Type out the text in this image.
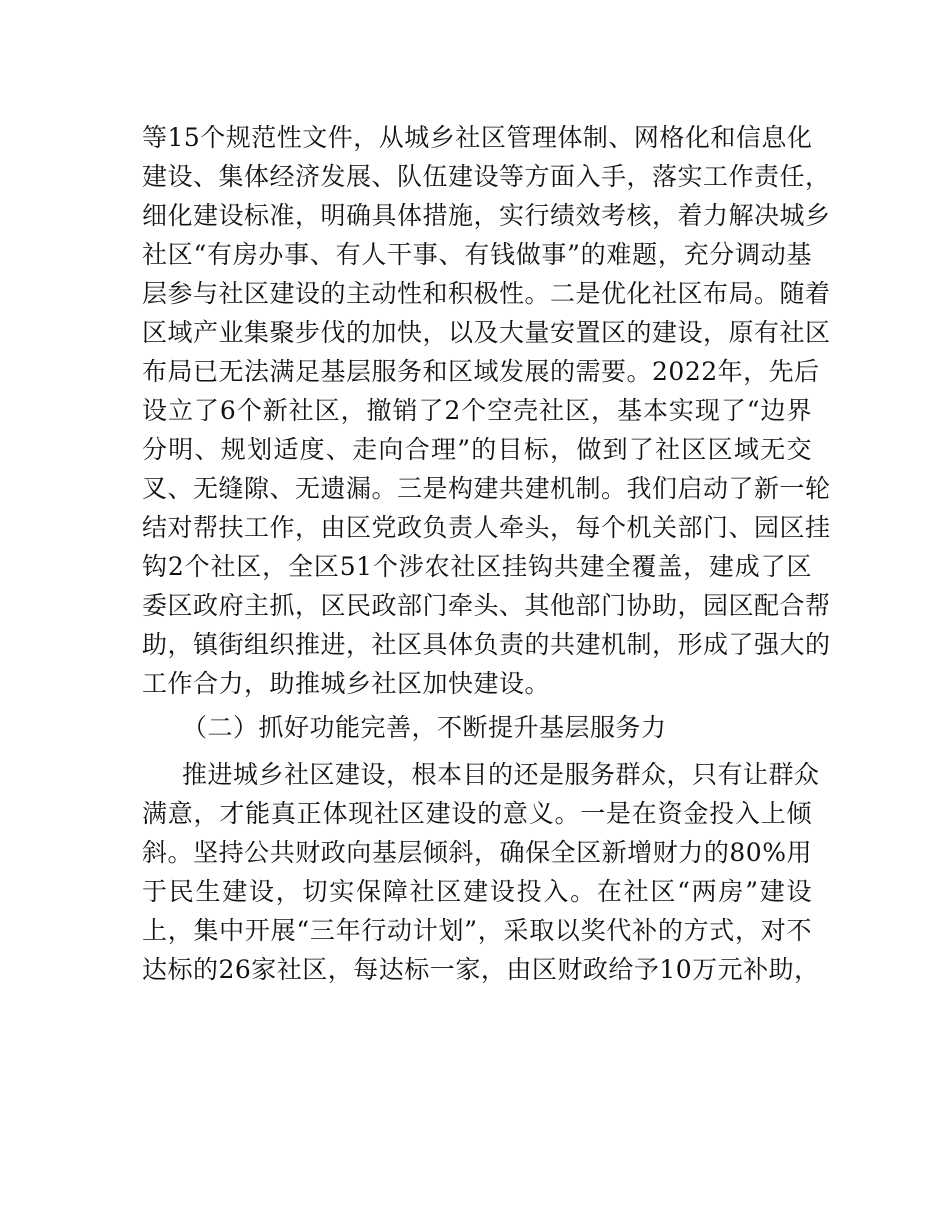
等15个规范性文件，从城乡社区管理体制、网格化和信息化
建设、集体经济发展、队伍建设等方面入手，落实工作责任，
细化建设标准，明确具体措施，实行绩效考核，着力解决城乡
社区“有房办事、有人干事、有钱做事”的难题，充分调动基
层参与社区建设的主动性和积极性。二是优化社区布局。随着
区域产业集聚步伐的加快，以及大量安置区的建设，原有社区
布局已无法满足基层服务和区域发展的需要。2022年，先后
设立了6个新社区，撤销了2个空壳社区，基本实现了“边界
分明、规划适度、走向合理”的目标，做到了社区区域无交
叉、无缝隙、无遗漏。三是构建共建机制。我们启动了新一轮
结对帮扶工作，由区党政负责人牵头，每个机关部门、园区挂
钩2个社区，全区51个涉农社区挂钩共建全覆盖，建成了区
委区政府主抓，区民政部门牵头、其他部门协助，园区配合帮
助，镇街组织推进，社区具体负责的共建机制，形成了强大的
工作合力，助推城乡社区加快建设。
（二）抓好功能完善，不断提升基层服务力
推进城乡社区建设，根本目的还是服务群众，只有让群众
满意，才能真正体现社区建设的意义。一是在资金投入上倾
斜。坚持公共财政向基层倾斜，确保全区新增财力的80%用
于民生建设，切实保障社区建设投入。在社区“两房”建设
上，集中开展“三年行动计划”，采取以奖代补的方式，对不
达标的26家社区，每达标一家，由区财政给予10万元补助，
